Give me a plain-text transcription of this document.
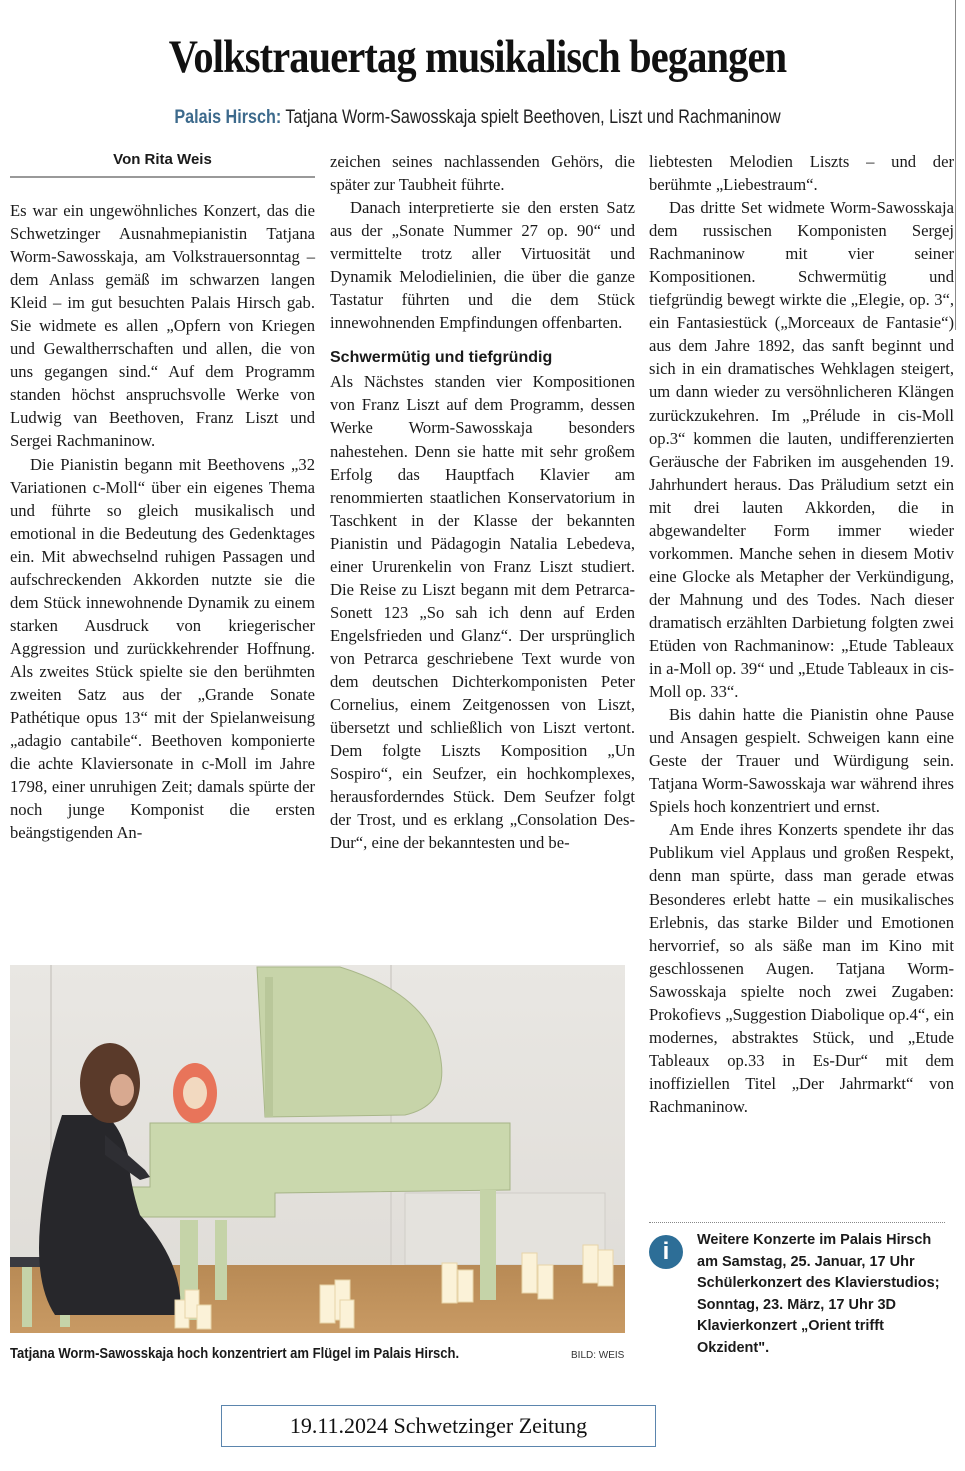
Volkstrauertag musikalisch begangen
Palais Hirsch: Tatjana Worm-Sawosskaja spielt Beethoven, Liszt und Rachmaninow
Von Rita Weis

Es war ein ungewöhnliches Konzert, das die Schwetzinger Ausnahmepianistin Tatjana Worm-Sawosskaja, am Volkstrauersonntag – dem Anlass gemäß im schwarzen langen Kleid – im gut besuchten Palais Hirsch gab. Sie widmete es allen „Opfern von Kriegen und Gewaltherrschaften und allen, die von uns gegangen sind.“ Auf dem Programm standen höchst anspruchsvolle Werke von Ludwig van Beethoven, Franz Liszt und Sergei Rachmaninow.

Die Pianistin begann mit Beethovens „32 Variationen c-Moll“ über ein eigenes Thema und führte so gleich musikalisch und emotional in die Bedeutung des Gedenktages ein. Mit abwechselnd ruhigen Passagen und aufschreckenden Akkorden nutzte sie die dem Stück innewohnende Dynamik zu einem starken Ausdruck von kriegerischer Aggression und zurückkehrender Hoffnung. Als zweites Stück spielte sie den berühmten zweiten Satz aus der „Grande Sonate Pathétique opus 13“ mit der Spielanweisung „adagio cantabile“. Beethoven komponierte die achte Klaviersonate in c-Moll im Jahre 1798, einer unruhigen Zeit; damals spürte der noch junge Komponist die ersten beängstigenden An-

zeichen seines nachlassenden Gehörs, die später zur Taubheit führte.

Danach interpretierte sie den ersten Satz aus der „Sonate Nummer 27 op. 90“ und vermittelte trotz aller Virtuosität und Dynamik Melodielinien, die über die ganze Tastatur führten und die dem Stück innewohnenden Empfindungen offenbarten.

Schwermütig und tiefgründig

Als Nächstes standen vier Kompositionen von Franz Liszt auf dem Programm, dessen Werke Worm-Sawosskaja besonders nahestehen. Denn sie hatte mit sehr großem Erfolg das Hauptfach Klavier am renommierten staatlichen Konservatorium in Taschkent in der Klasse der bekannten Pianistin und Pädagogin Natalia Lebedeva, einer Ururenkelin von Franz Liszt studiert. Die Reise zu Liszt begann mit dem Petrarca-Sonett 123 „So sah ich denn auf Erden Engelsfrieden und Glanz“. Der ursprünglich von Petrarca geschriebene Text wurde von dem deutschen Dichterkomponisten Peter Cornelius, einem Zeitgenossen von Liszt, übersetzt und schließlich von Liszt vertont. Dem folgte Liszts Komposition „Un Sospiro“, ein Seufzer, ein hochkomplexes, herausforderndes Stück. Dem Seufzer folgt der Trost, und es erklang „Consolation Des-Dur“, eine der bekanntesten und be-

liebtesten Melodien Liszts – und der berühmte „Liebestraum“.

Das dritte Set widmete Worm-Sawosskaja dem russischen Komponisten Sergej Rachmaninow mit vier seiner Kompositionen. Schwermütig und tiefgründig bewegt wirkte die „Elegie, op. 3“, ein Fantasiestück („Morceaux de Fantasie“) aus dem Jahre 1892, das sanft beginnt und sich in ein dramatisches Wehklagen steigert, um dann wieder zu versöhnlicheren Klängen zurückzukehren. Im „Prélude in cis-Moll op.3“ kommen die lauten, undifferenzierten Geräusche der Fabriken im ausgehenden 19. Jahrhundert heraus. Das Präludium setzt ein mit drei lauten Akkorden, die in abgewandelter Form immer wieder vorkommen. Manche sehen in diesem Motiv eine Glocke als Metapher der Verkündigung, der Mahnung und des Todes. Nach dieser dramatisch erzählten Darbietung folgten zwei Etüden von Rachmaninow: „Etude Tableaux in a-Moll op. 39“ und „Etude Tableaux in cis-Moll op. 33“.

Bis dahin hatte die Pianistin ohne Pause und Ansagen gespielt. Schweigen kann eine Geste der Trauer und Würdigung sein. Tatjana Worm-Sawosskaja war während ihres Spiels hoch konzentriert und ernst.

Am Ende ihres Konzerts spendete ihr das Publikum viel Applaus und großen Respekt, denn man spürte, dass man gerade etwas Besonderes erlebt hatte – ein musikalisches Erlebnis, das starke Bilder und Emotionen hervorrief, so als säße man im Kino mit geschlossenen Augen. Tatjana Worm-Sawosskaja spielte noch zwei Zugaben: Prokofievs „Suggestion Diabolique op.4“, ein modernes, abstraktes Stück, und „Etude Tableaux op.33 in Es-Dur“ mit dem inoffiziellen Titel „Der Jahrmarkt“ von Rachmaninow.

Tatjana Worm-Sawosskaja hoch konzentriert am Flügel im Palais Hirsch.	BILD: WEIS
i	Weitere Konzerte im Palais Hirsch am Samstag, 25. Januar, 17 Uhr Schülerkonzert des Klavierstudios; Sonntag, 23. März, 17 Uhr 3D Klavierkonzert „Orient trifft Okzident".
19.11.2024 Schwetzinger Zeitung
